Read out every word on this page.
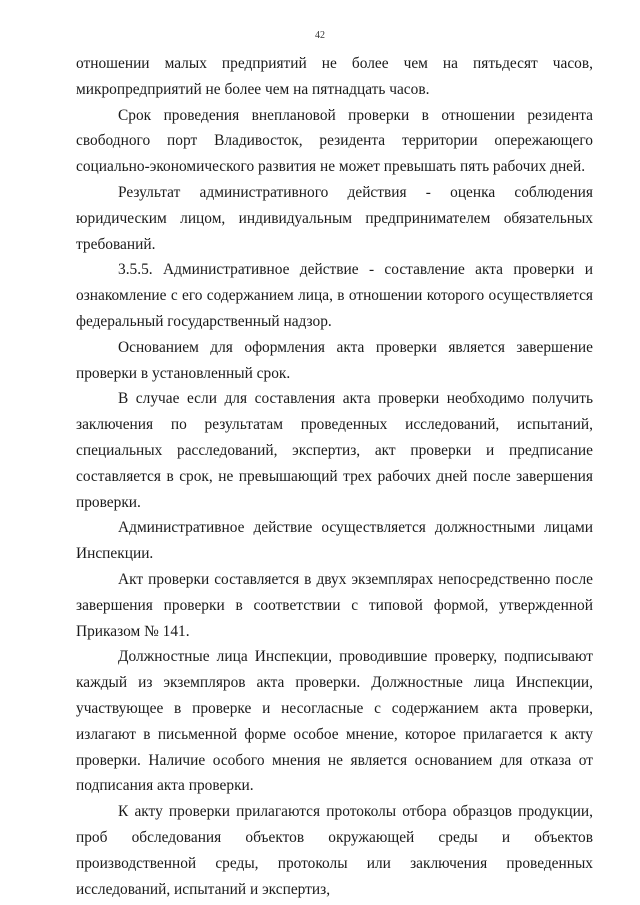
42

отношении малых предприятий не более чем на пятьдесят часов, микропредприятий не более чем на пятнадцать часов.

Срок проведения внеплановой проверки в отношении резидента свободного порт Владивосток, резидента территории опережающего социально-экономического развития не может превышать пять рабочих дней.

Результат административного действия - оценка соблюдения юридическим лицом, индивидуальным предпринимателем обязательных требований.

3.5.5. Административное действие - составление акта проверки и ознакомление с его содержанием лица, в отношении которого осуществляется федеральный государственный надзор.

Основанием для оформления акта проверки является завершение проверки в установленный срок.

В случае если для составления акта проверки необходимо получить заключения по результатам проведенных исследований, испытаний, специальных расследований, экспертиз, акт проверки и предписание составляется в срок, не превышающий трех рабочих дней после завершения проверки.

Административное действие осуществляется должностными лицами Инспекции.

Акт проверки составляется в двух экземплярах непосредственно после завершения проверки в соответствии с типовой формой, утвержденной Приказом № 141.

Должностные лица Инспекции, проводившие проверку, подписывают каждый из экземпляров акта проверки. Должностные лица Инспекции, участвующее в проверке и несогласные с содержанием акта проверки, излагают в письменной форме особое мнение, которое прилагается к акту проверки. Наличие особого мнения не является основанием для отказа от подписания акта проверки.

К акту проверки прилагаются протоколы отбора образцов продукции, проб обследования объектов окружающей среды и объектов производственной среды, протоколы или заключения проведенных исследований, испытаний и экспертиз,
